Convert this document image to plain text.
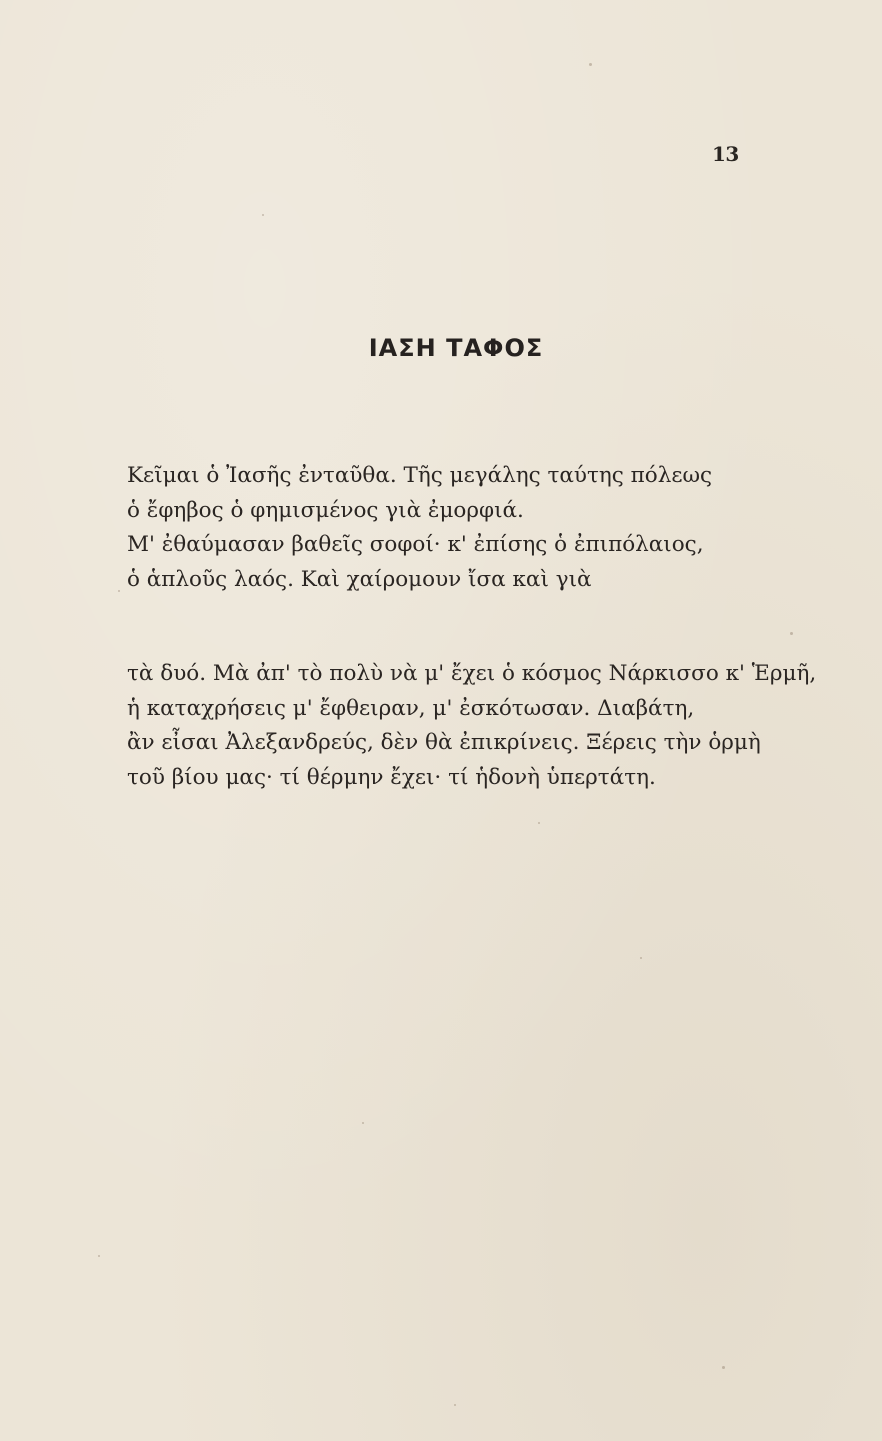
13
ΙΑΣΗ ΤΑΦΟΣ
Κεῖμαι ὁ Ἰασῆς ἐνταῦθα. Τῆς μεγάλης ταύτης πόλεως
ὁ ἔφηβος ὁ φημισμένος γιὰ ἐμορφιά.
Μ' ἐθαύμασαν βαθεῖς σοφοί· κ' ἐπίσης ὁ ἐπιπόλαιος,
ὁ ἁπλοῦς λαός. Καὶ χαίρομουν ἴσα καὶ γιὰ
τὰ δυό. Μὰ ἀπ' τὸ πολὺ νὰ μ' ἔχει ὁ κόσμος Νάρκισσο κ' Ἑρμῆ,
ἡ καταχρήσεις μ' ἔφθειραν, μ' ἐσκότωσαν. Διαβάτη,
ἂν εἶσαι Ἀλεξανδρεύς, δὲν θὰ ἐπικρίνεις. Ξέρεις τὴν ὁρμὴ
τοῦ βίου μας· τί θέρμην ἔχει· τί ἡδονὴ ὑπερτάτη.
